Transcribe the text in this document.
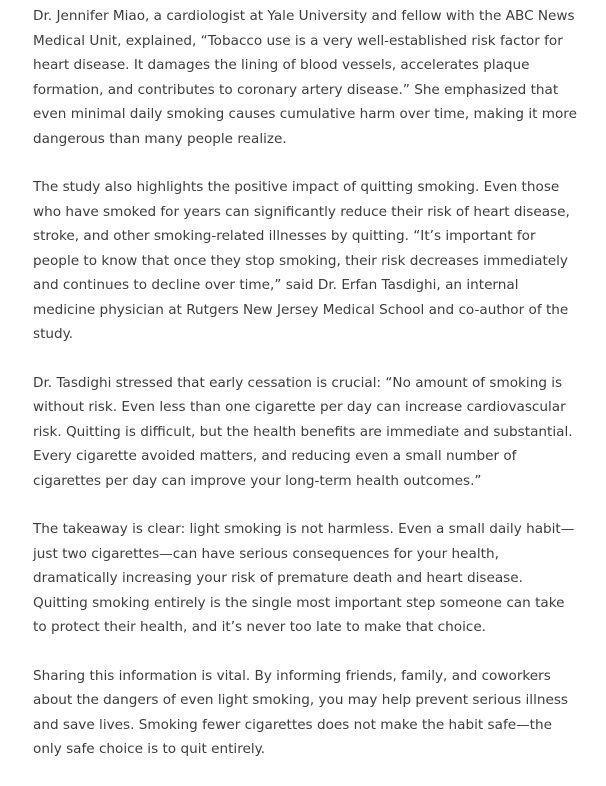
Dr. Jennifer Miao, a cardiologist at Yale University and fellow with the ABC News Medical Unit, explained, “Tobacco use is a very well-established risk factor for heart disease. It damages the lining of blood vessels, accelerates plaque formation, and contributes to coronary artery disease.” She emphasized that even minimal daily smoking causes cumulative harm over time, making it more dangerous than many people realize.

The study also highlights the positive impact of quitting smoking. Even those who have smoked for years can significantly reduce their risk of heart disease, stroke, and other smoking-related illnesses by quitting. “It’s important for people to know that once they stop smoking, their risk decreases immediately and continues to decline over time,” said Dr. Erfan Tasdighi, an internal medicine physician at Rutgers New Jersey Medical School and co-author of the study.

Dr. Tasdighi stressed that early cessation is crucial: “No amount of smoking is without risk. Even less than one cigarette per day can increase cardiovascular risk. Quitting is difficult, but the health benefits are immediate and substantial. Every cigarette avoided matters, and reducing even a small number of cigarettes per day can improve your long-term health outcomes.”

The takeaway is clear: light smoking is not harmless. Even a small daily habit—just two cigarettes—can have serious consequences for your health, dramatically increasing your risk of premature death and heart disease. Quitting smoking entirely is the single most important step someone can take to protect their health, and it’s never too late to make that choice.

Sharing this information is vital. By informing friends, family, and coworkers about the dangers of even light smoking, you may help prevent serious illness and save lives. Smoking fewer cigarettes does not make the habit safe—the only safe choice is to quit entirely.
